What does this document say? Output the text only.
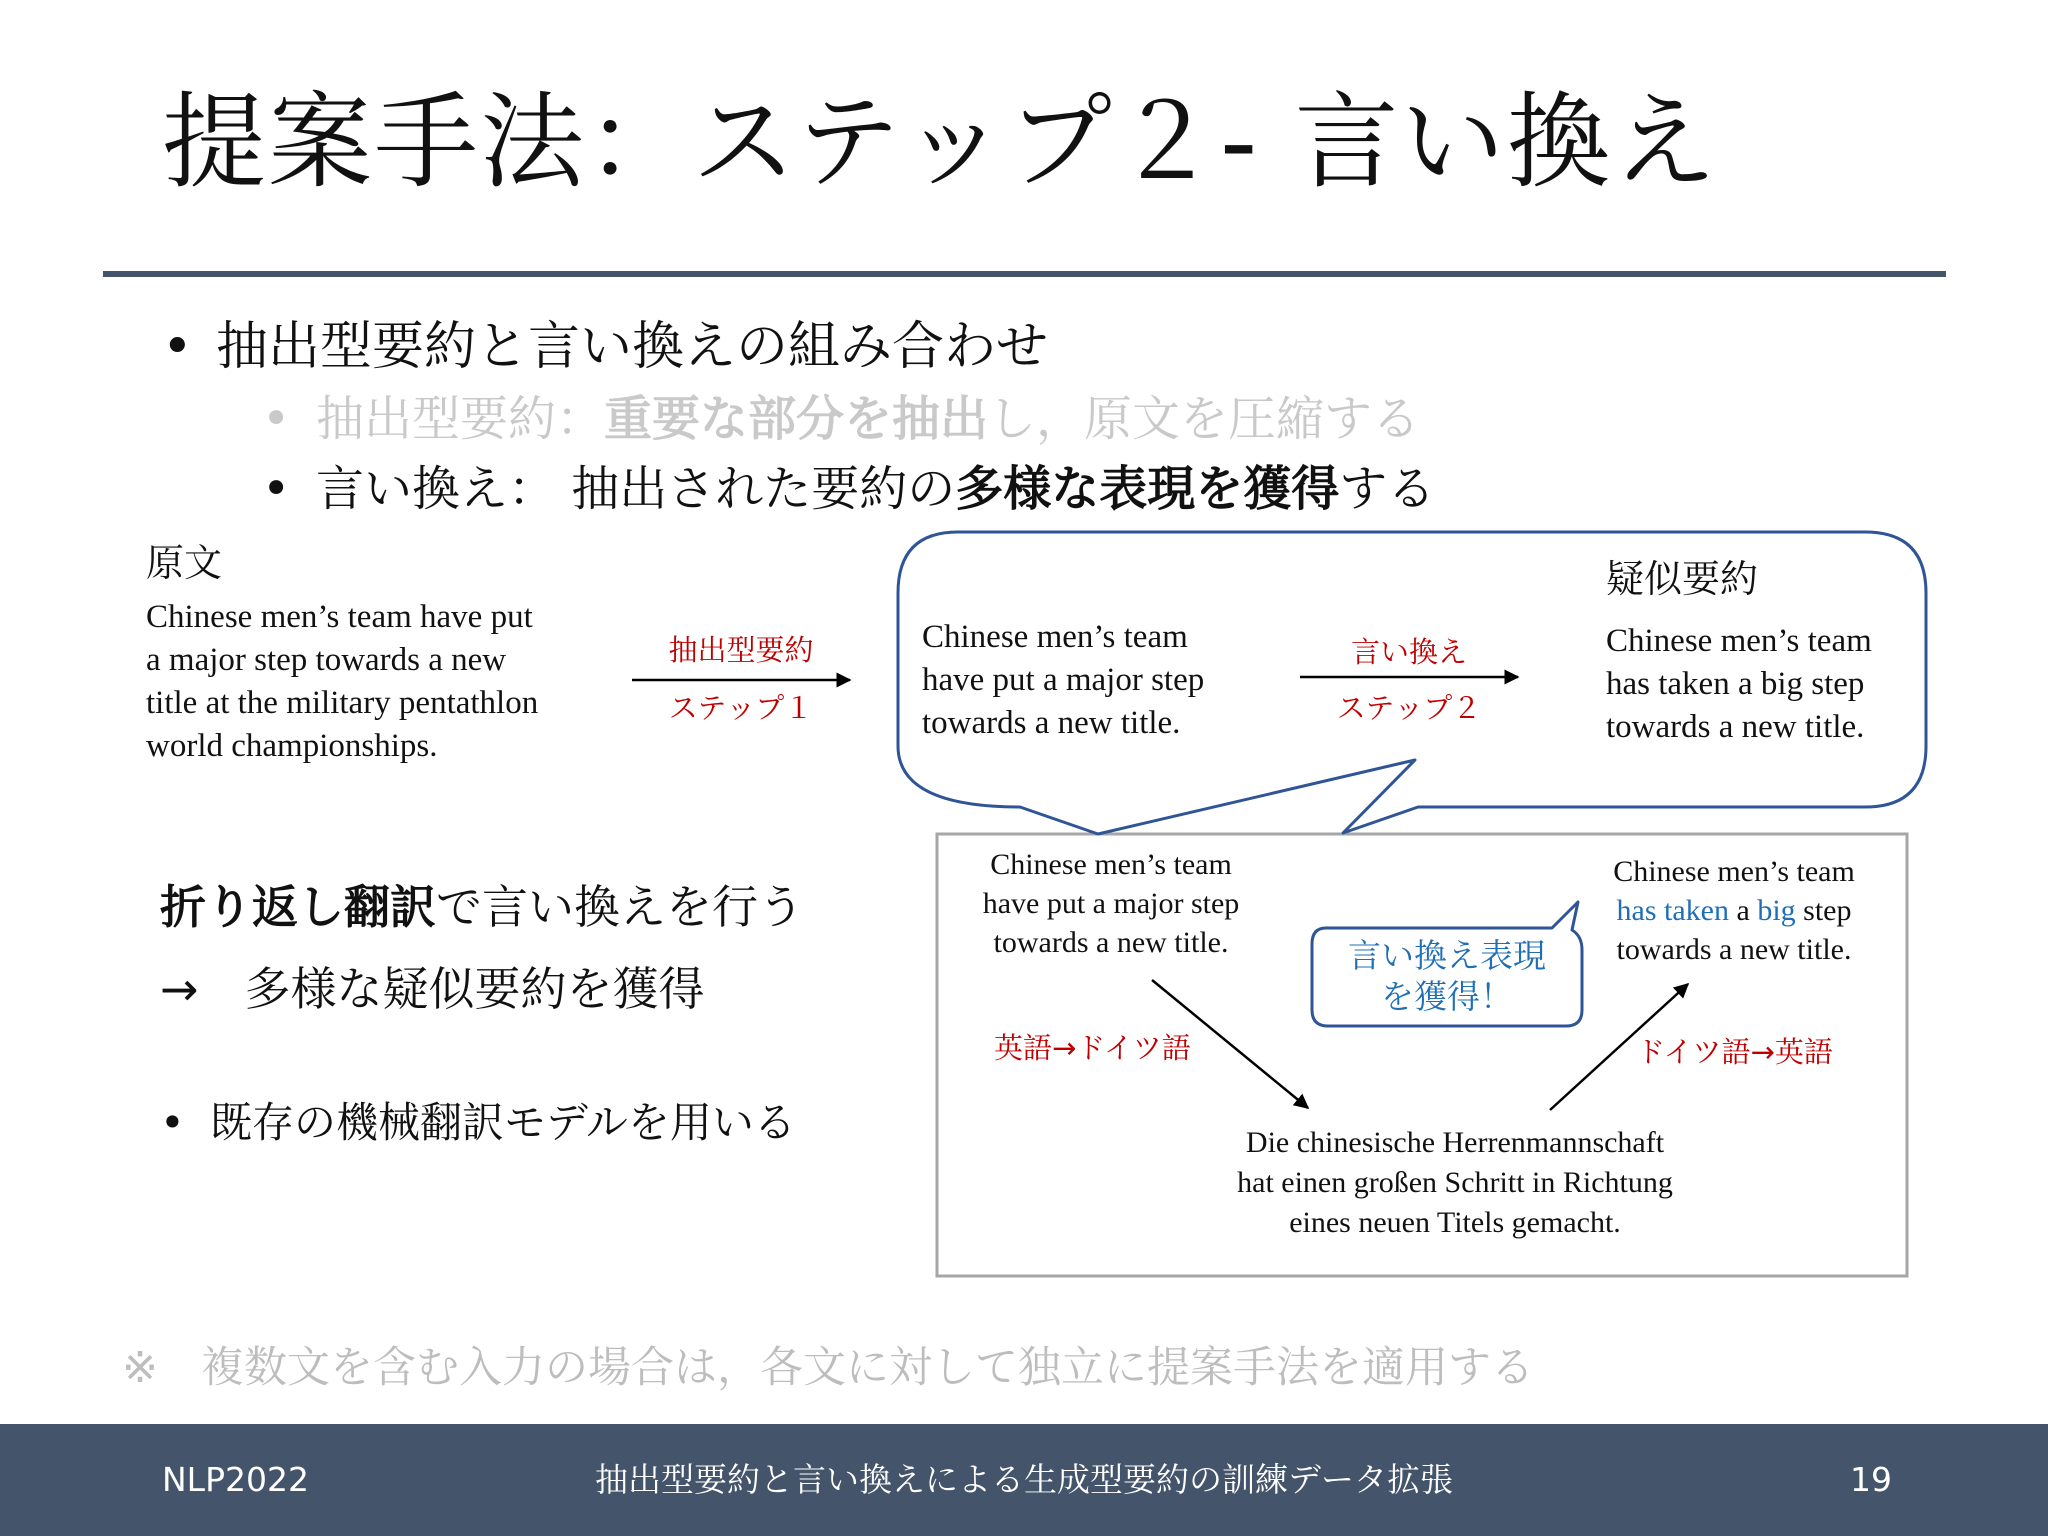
提案手法：ステップ２- 言い換え
• 抽出型要約と言い換えの組み合わせ
• 抽出型要約：重要な部分を抽出し，原文を圧縮する
• 言い換え： 抽出された要約の多様な表現を獲得する
原文
Chinese men’s team have put
a major step towards a new
title at the military pentathlon
world championships.
抽出型要約
ステップ１
Chinese men’s team
have put a major step
towards a new title.
言い換え
ステップ２
疑似要約
Chinese men’s team
has taken a big step
towards a new title.
Chinese men’s team
have put a major step
towards a new title.
Chinese men’s team
has taken a big step
towards a new title.
言い換え表現
を獲得！
英語→ドイツ語	ドイツ語→英語
Die chinesische Herrenmannschaft
hat einen großen Schritt in Richtung
eines neuen Titels gemacht.
折り返し翻訳で言い換えを行う
→　多様な疑似要約を獲得
• 既存の機械翻訳モデルを用いる
※　複数文を含む入力の場合は，各文に対して独立に提案手法を適用する
NLP2022	抽出型要約と言い換えによる生成型要約の訓練データ拡張	19
